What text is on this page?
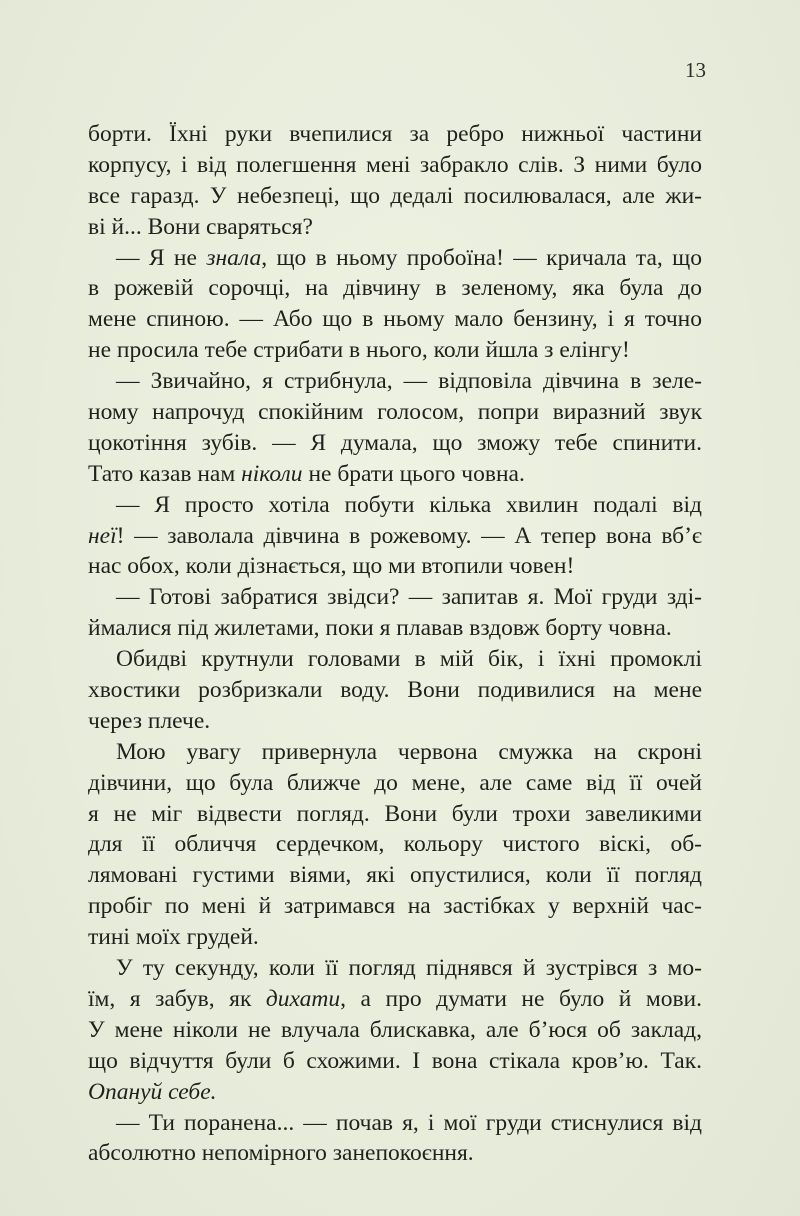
13
борти. Їхні руки вчепилися за ребро нижньої частини
корпусу, і від полегшення мені забракло слів. З ними було
все гаразд. У небезпеці, що дедалі посилювалася, але жи-
ві й... Вони сваряться?
— Я не знала, що в ньому пробоїна! — кричала та, що
в рожевій сорочці, на дівчину в зеленому, яка була до
мене спиною. — Або що в ньому мало бензину, і я точно
не просила тебе стрибати в нього, коли йшла з елінгу!
— Звичайно, я стрибнула, — відповіла дівчина в зеле-
ному напрочуд спокійним голосом, попри виразний звук
цокотіння зубів. — Я думала, що зможу тебе спинити.
Тато казав нам ніколи не брати цього човна.
— Я просто хотіла побути кілька хвилин подалі від
неї! — заволала дівчина в рожевому. — А тепер вона вб’є
нас обох, коли дізнається, що ми втопили човен!
— Готові забратися звідси? — запитав я. Мої груди зді-
ймалися під жилетами, поки я плавав вздовж борту човна.
Обидві крутнули головами в мій бік, і їхні промоклі
хвостики розбризкали воду. Вони подивилися на мене
через плече.
Мою увагу привернула червона смужка на скроні
дівчини, що була ближче до мене, але саме від її очей
я не міг відвести погляд. Вони були трохи завеликими
для її обличчя сердечком, кольору чистого віскі, об-
лямовані густими віями, які опустилися, коли її погляд
пробіг по мені й затримався на застібках у верхній час-
тині моїх грудей.
У ту секунду, коли її погляд піднявся й зустрівся з мо-
їм, я забув, як дихати, а про думати не було й мови.
У мене ніколи не влучала блискавка, але б’юся об заклад,
що відчуття були б схожими. І вона стікала кров’ю. Так.
Опануй себе.
— Ти поранена... — почав я, і мої груди стиснулися від
абсолютно непомірного занепокоєння.
